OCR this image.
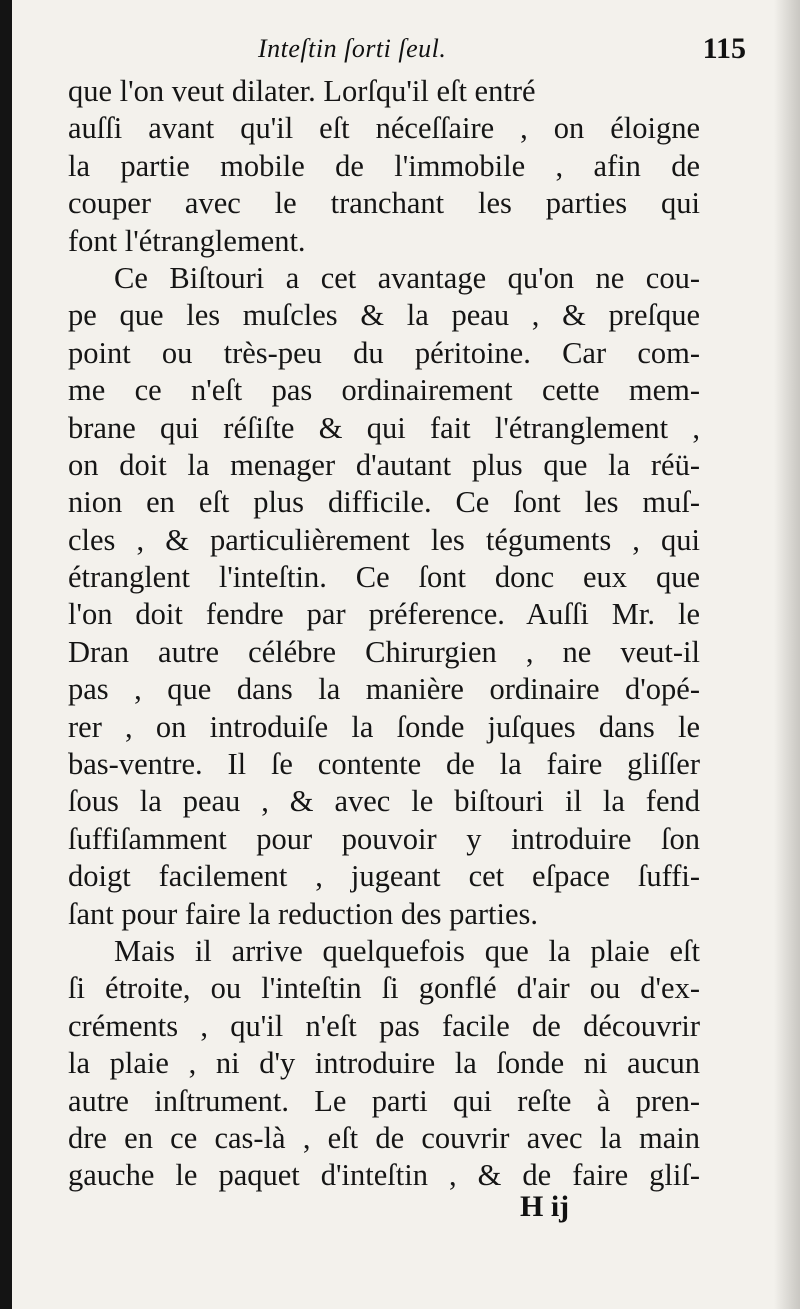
Inteſtin ſorti ſeul.	115
que l'on veut dilater. Lorſqu'il eſt entré
auſſi avant qu'il eſt néceſſaire , on éloigne
la partie mobile de l'immobile , afin de
couper avec le tranchant les parties qui
font l'étranglement.
Ce Biſtouri a cet avantage qu'on ne cou-
pe que les muſcles & la peau , & preſque
point ou très-peu du péritoine. Car com-
me ce n'eſt pas ordinairement cette mem-
brane qui réſiſte & qui fait l'étranglement ,
on doit la menager d'autant plus que la réü-
nion en eſt plus difficile. Ce ſont les muſ-
cles , & particulièrement les téguments , qui
étranglent l'inteſtin. Ce ſont donc eux que
l'on doit fendre par préference. Auſſi Mr. le
Dran autre célébre Chirurgien , ne veut-il
pas , que dans la manière ordinaire d'opé-
rer , on introduiſe la ſonde juſques dans le
bas-ventre. Il ſe contente de la faire gliſſer
ſous la peau , & avec le biſtouri il la fend
ſuffiſamment pour pouvoir y introduire ſon
doigt facilement , jugeant cet eſpace ſuffi-
ſant pour faire la reduction des parties.
Mais il arrive quelquefois que la plaie eſt
ſi étroite, ou l'inteſtin ſi gonflé d'air ou d'ex-
créments , qu'il n'eſt pas facile de découvrir
la plaie , ni d'y introduire la ſonde ni aucun
autre inſtrument. Le parti qui reſte à pren-
dre en ce cas-là , eſt de couvrir avec la main
gauche le paquet d'inteſtin , & de faire gliſ-
H ij
